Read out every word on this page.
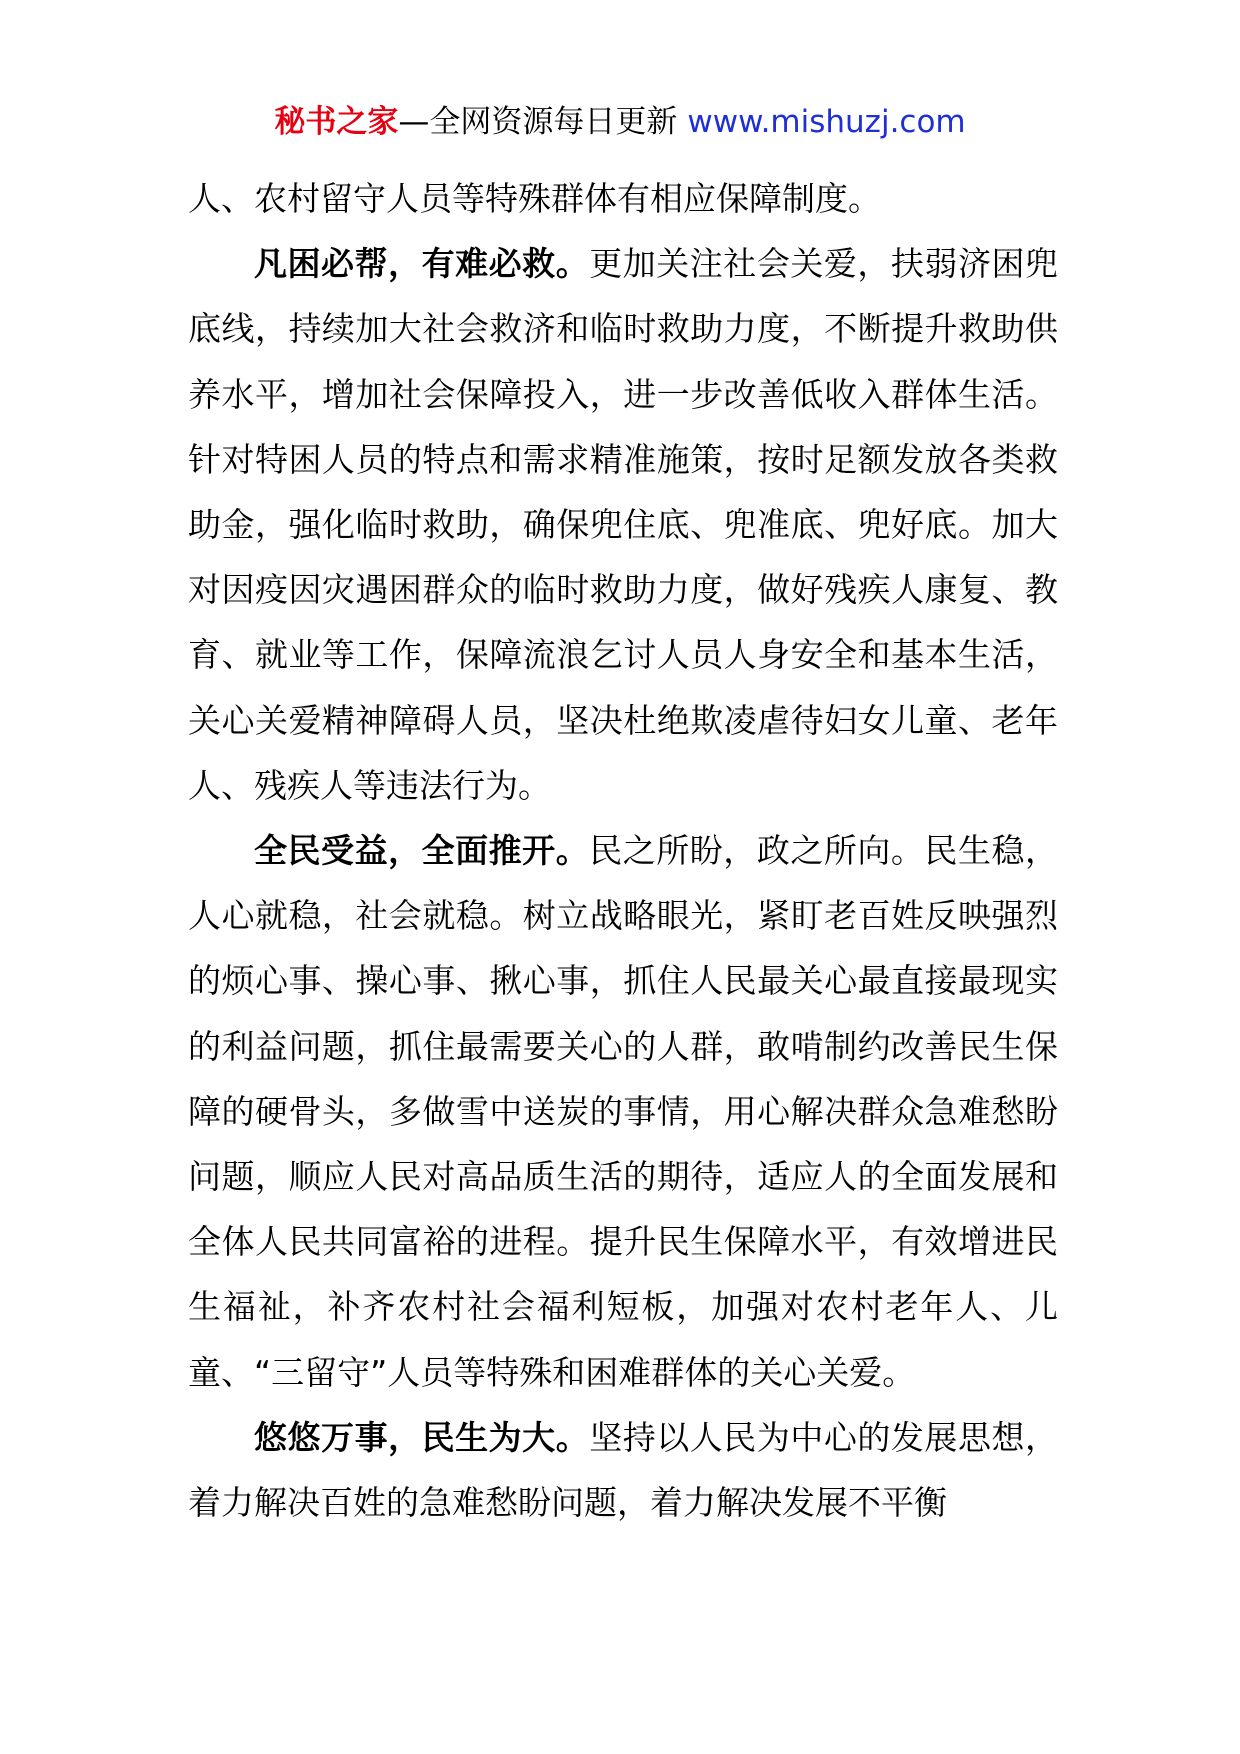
秘书之家—全网资源每日更新 www.mishuzj.com

人、农村留守人员等特殊群体有相应保障制度。

凡困必帮，有难必救。更加关注社会关爱，扶弱济困兜底线，持续加大社会救济和临时救助力度，不断提升救助供养水平，增加社会保障投入，进一步改善低收入群体生活。针对特困人员的特点和需求精准施策，按时足额发放各类救助金，强化临时救助，确保兜住底、兜准底、兜好底。加大对因疫因灾遇困群众的临时救助力度，做好残疾人康复、教育、就业等工作，保障流浪乞讨人员人身安全和基本生活，关心关爱精神障碍人员，坚决杜绝欺凌虐待妇女儿童、老年人、残疾人等违法行为。

全民受益，全面推开。民之所盼，政之所向。民生稳，人心就稳，社会就稳。树立战略眼光，紧盯老百姓反映强烈的烦心事、操心事、揪心事，抓住人民最关心最直接最现实的利益问题，抓住最需要关心的人群，敢啃制约改善民生保障的硬骨头，多做雪中送炭的事情，用心解决群众急难愁盼问题，顺应人民对高品质生活的期待，适应人的全面发展和全体人民共同富裕的进程。提升民生保障水平，有效增进民生福祉，补齐农村社会福利短板，加强对农村老年人、儿童、“三留守”人员等特殊和困难群体的关心关爱。

悠悠万事，民生为大。坚持以人民为中心的发展思想，着力解决百姓的急难愁盼问题，着力解决发展不平衡
